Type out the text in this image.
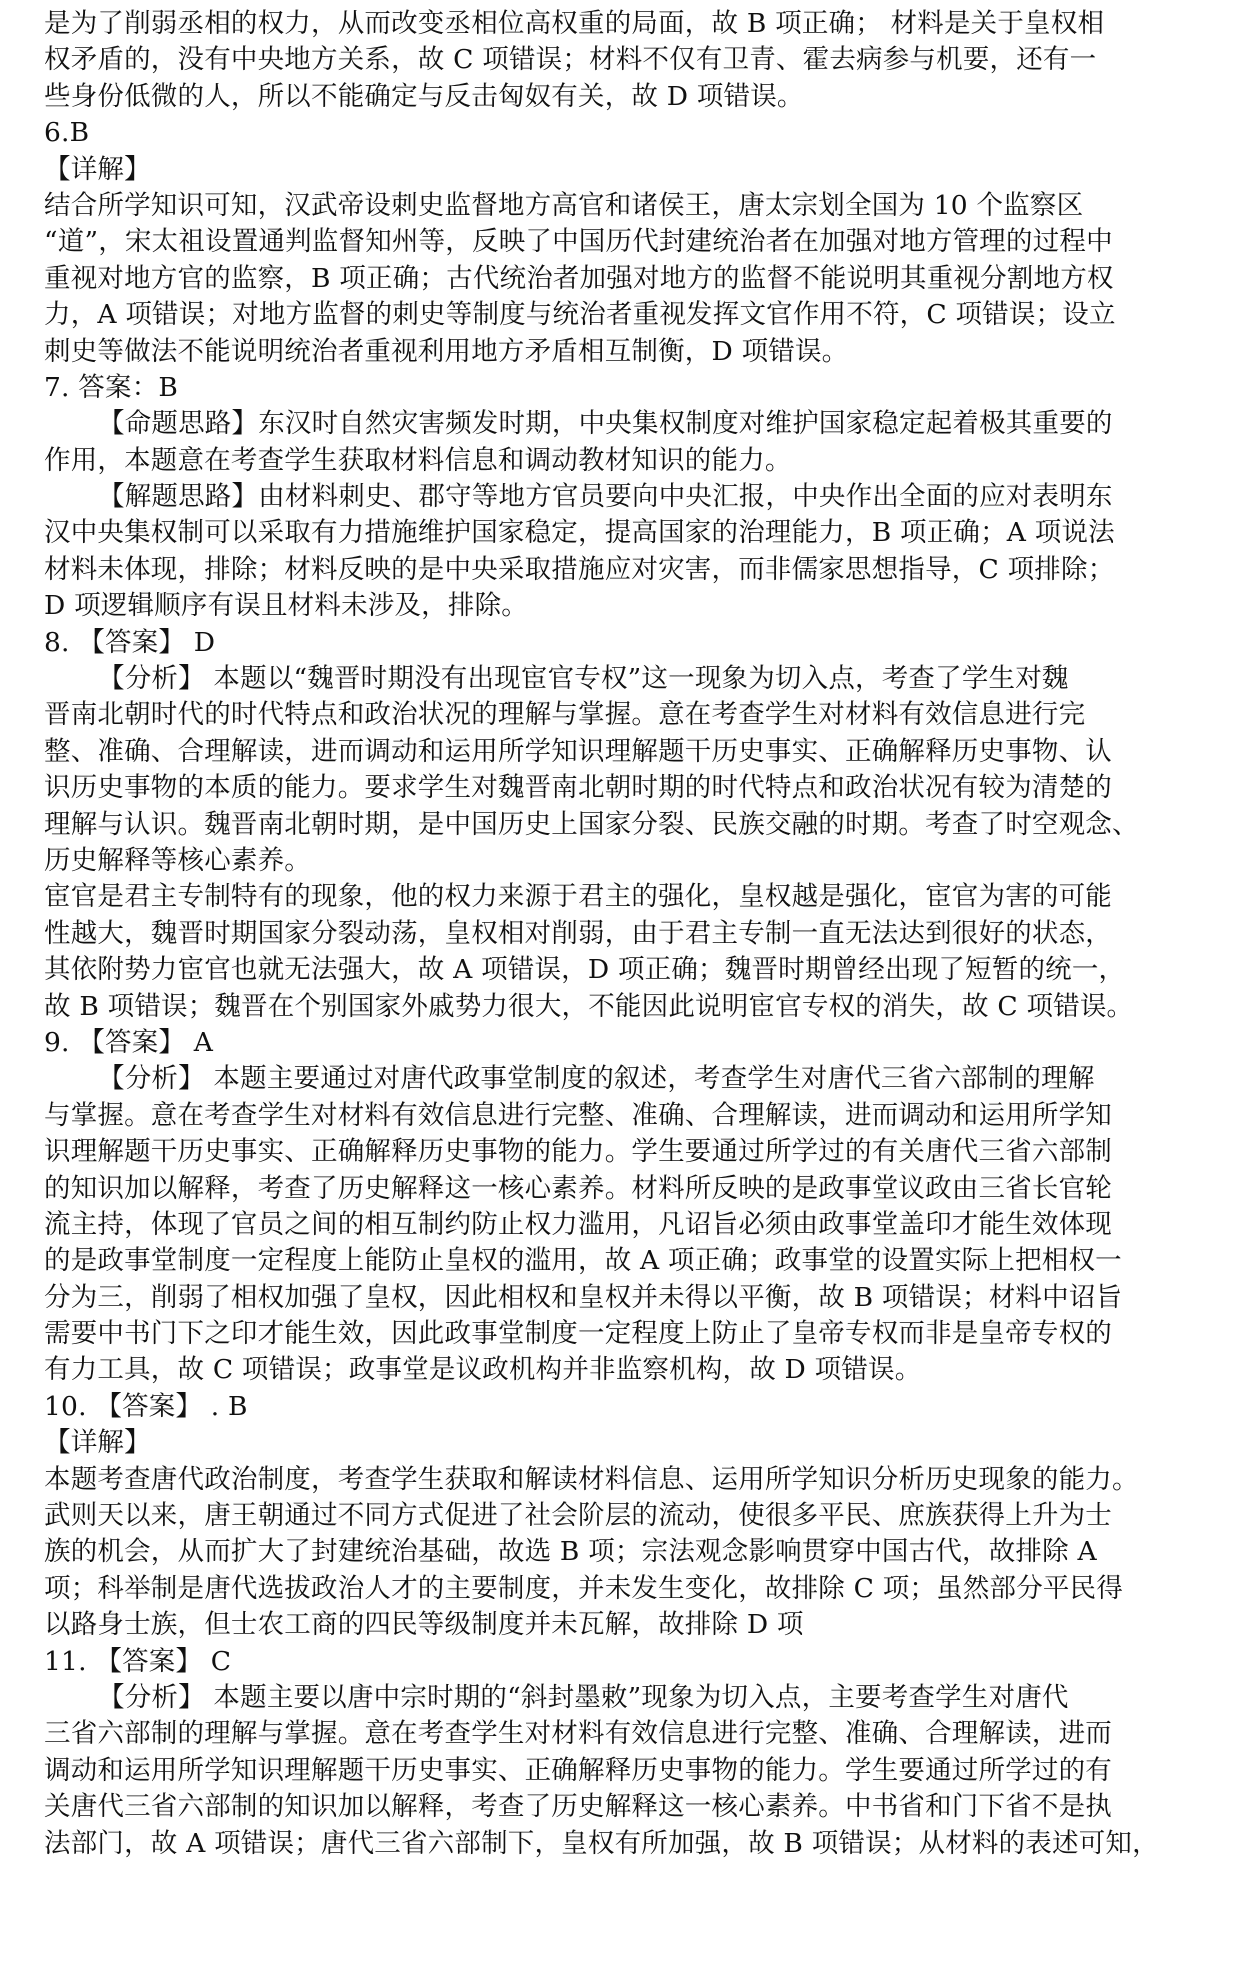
是为了削弱丞相的权力，从而改变丞相位高权重的局面，故 B 项正确； 材料是关于皇权相
权矛盾的，没有中央地方关系，故 C 项错误；材料不仅有卫青、霍去病参与机要，还有一
些身份低微的人，所以不能确定与反击匈奴有关，故 D 项错误。
6.B
【详解】
结合所学知识可知，汉武帝设刺史监督地方高官和诸侯王，唐太宗划全国为 10 个监察区
“道”，宋太祖设置通判监督知州等，反映了中国历代封建统治者在加强对地方管理的过程中
重视对地方官的监察，B 项正确；古代统治者加强对地方的监督不能说明其重视分割地方权
力，A 项错误；对地方监督的刺史等制度与统治者重视发挥文官作用不符，C 项错误；设立
刺史等做法不能说明统治者重视利用地方矛盾相互制衡，D 项错误。
7. 答案：B
【命题思路】东汉时自然灾害频发时期，中央集权制度对维护国家稳定起着极其重要的
作用，本题意在考查学生获取材料信息和调动教材知识的能力。
【解题思路】由材料刺史、郡守等地方官员要向中央汇报，中央作出全面的应对表明东
汉中央集权制可以采取有力措施维护国家稳定，提高国家的治理能力，B 项正确；A 项说法
材料未体现，排除；材料反映的是中央采取措施应对灾害，而非儒家思想指导，C 项排除；
D 项逻辑顺序有误且材料未涉及，排除。
8. 【答案】 D
【分析】 本题以“魏晋时期没有出现宦官专权”这一现象为切入点，考查了学生对魏
晋南北朝时代的时代特点和政治状况的理解与掌握。意在考查学生对材料有效信息进行完
整、准确、合理解读，进而调动和运用所学知识理解题干历史事实、正确解释历史事物、认
识历史事物的本质的能力。要求学生对魏晋南北朝时期的时代特点和政治状况有较为清楚的
理解与认识。魏晋南北朝时期，是中国历史上国家分裂、民族交融的时期。考查了时空观念、
历史解释等核心素养。
宦官是君主专制特有的现象，他的权力来源于君主的强化，皇权越是强化，宦官为害的可能
性越大，魏晋时期国家分裂动荡，皇权相对削弱，由于君主专制一直无法达到很好的状态，
其依附势力宦官也就无法强大，故 A 项错误，D 项正确；魏晋时期曾经出现了短暂的统一，
故 B 项错误；魏晋在个别国家外戚势力很大，不能因此说明宦官专权的消失，故 C 项错误。
9. 【答案】 A
【分析】 本题主要通过对唐代政事堂制度的叙述，考查学生对唐代三省六部制的理解
与掌握。意在考查学生对材料有效信息进行完整、准确、合理解读，进而调动和运用所学知
识理解题干历史事实、正确解释历史事物的能力。学生要通过所学过的有关唐代三省六部制
的知识加以解释，考查了历史解释这一核心素养。材料所反映的是政事堂议政由三省长官轮
流主持，体现了官员之间的相互制约防止权力滥用，凡诏旨必须由政事堂盖印才能生效体现
的是政事堂制度一定程度上能防止皇权的滥用，故 A 项正确；政事堂的设置实际上把相权一
分为三，削弱了相权加强了皇权，因此相权和皇权并未得以平衡，故 B 项错误；材料中诏旨
需要中书门下之印才能生效，因此政事堂制度一定程度上防止了皇帝专权而非是皇帝专权的
有力工具，故 C 项错误；政事堂是议政机构并非监察机构，故 D 项错误。
10. 【答案】 . B
【详解】
本题考查唐代政治制度，考查学生获取和解读材料信息、运用所学知识分析历史现象的能力。
武则天以来，唐王朝通过不同方式促进了社会阶层的流动，使很多平民、庶族获得上升为士
族的机会，从而扩大了封建统治基础，故选 B 项；宗法观念影响贯穿中国古代，故排除 A
项；科举制是唐代选拔政治人才的主要制度，并未发生变化，故排除 C 项；虽然部分平民得
以路身士族，但士农工商的四民等级制度并未瓦解，故排除 D 项
11. 【答案】 C
【分析】 本题主要以唐中宗时期的“斜封墨敕”现象为切入点，主要考查学生对唐代
三省六部制的理解与掌握。意在考查学生对材料有效信息进行完整、准确、合理解读，进而
调动和运用所学知识理解题干历史事实、正确解释历史事物的能力。学生要通过所学过的有
关唐代三省六部制的知识加以解释，考查了历史解释这一核心素养。中书省和门下省不是执
法部门，故 A 项错误；唐代三省六部制下，皇权有所加强，故 B 项错误；从材料的表述可知，
